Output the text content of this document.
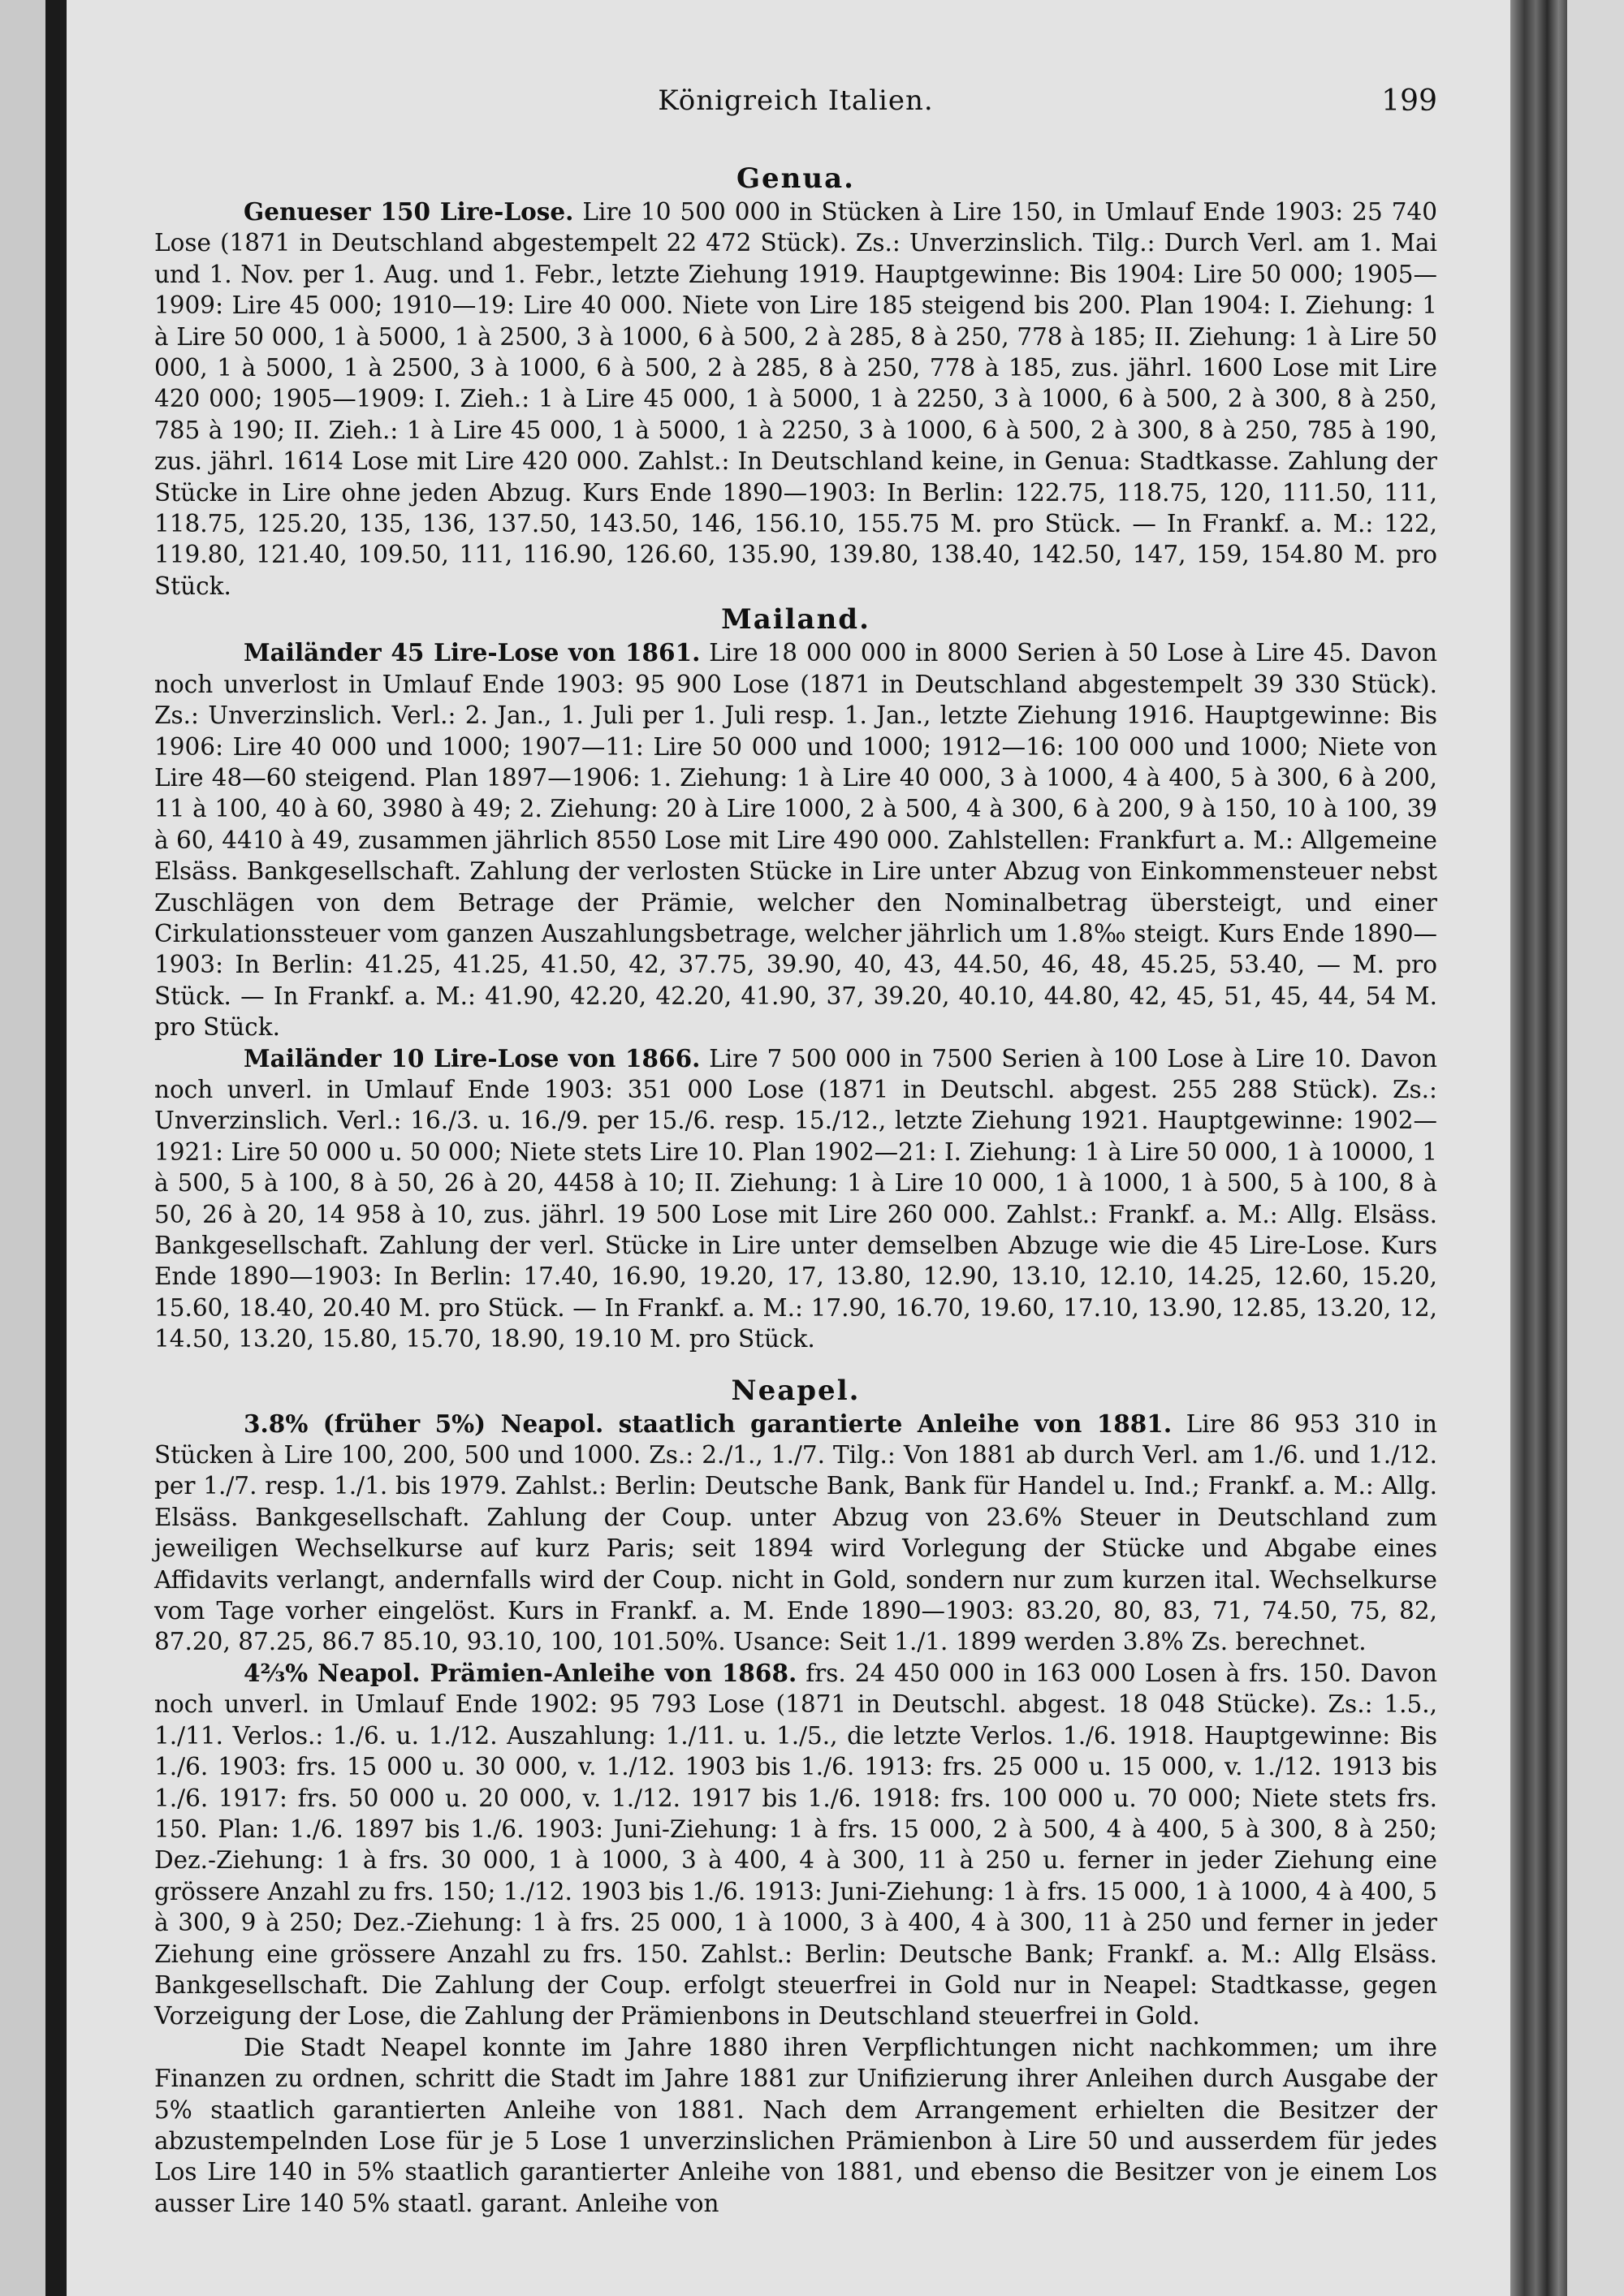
Königreich Italien.	199
Genua.

Genueser 150 Lire-Lose. Lire 10 500 000 in Stücken à Lire 150, in Umlauf Ende 1903: 25 740 Lose (1871 in Deutschland abgestempelt 22 472 Stück). Zs.: Unverzinslich. Tilg.: Durch Verl. am 1. Mai und 1. Nov. per 1. Aug. und 1. Febr., letzte Ziehung 1919. Hauptgewinne: Bis 1904: Lire 50 000; 1905—1909: Lire 45 000; 1910—19: Lire 40 000. Niete von Lire 185 steigend bis 200. Plan 1904: I. Ziehung: 1 à Lire 50 000, 1 à 5000, 1 à 2500, 3 à 1000, 6 à 500, 2 à 285, 8 à 250, 778 à 185; II. Ziehung: 1 à Lire 50 000, 1 à 5000, 1 à 2500, 3 à 1000, 6 à 500, 2 à 285, 8 à 250, 778 à 185, zus. jährl. 1600 Lose mit Lire 420 000; 1905—1909: I. Zieh.: 1 à Lire 45 000, 1 à 5000, 1 à 2250, 3 à 1000, 6 à 500, 2 à 300, 8 à 250, 785 à 190; II. Zieh.: 1 à Lire 45 000, 1 à 5000, 1 à 2250, 3 à 1000, 6 à 500, 2 à 300, 8 à 250, 785 à 190, zus. jährl. 1614 Lose mit Lire 420 000. Zahlst.: In Deutschland keine, in Genua: Stadtkasse. Zahlung der Stücke in Lire ohne jeden Abzug. Kurs Ende 1890—1903: In Berlin: 122.75, 118.75, 120, 111.50, 111, 118.75, 125.20, 135, 136, 137.50, 143.50, 146, 156.10, 155.75 M. pro Stück. — In Frankf. a. M.: 122, 119.80, 121.40, 109.50, 111, 116.90, 126.60, 135.90, 139.80, 138.40, 142.50, 147, 159, 154.80 M. pro Stück.

Mailand.

Mailänder 45 Lire-Lose von 1861. Lire 18 000 000 in 8000 Serien à 50 Lose à Lire 45. Davon noch unverlost in Umlauf Ende 1903: 95 900 Lose (1871 in Deutschland abgestempelt 39 330 Stück). Zs.: Unverzinslich. Verl.: 2. Jan., 1. Juli per 1. Juli resp. 1. Jan., letzte Ziehung 1916. Hauptgewinne: Bis 1906: Lire 40 000 und 1000; 1907—11: Lire 50 000 und 1000; 1912—16: 100 000 und 1000; Niete von Lire 48—60 steigend. Plan 1897—1906: 1. Ziehung: 1 à Lire 40 000, 3 à 1000, 4 à 400, 5 à 300, 6 à 200, 11 à 100, 40 à 60, 3980 à 49; 2. Ziehung: 20 à Lire 1000, 2 à 500, 4 à 300, 6 à 200, 9 à 150, 10 à 100, 39 à 60, 4410 à 49, zusammen jährlich 8550 Lose mit Lire 490 000. Zahlstellen: Frankfurt a. M.: Allgemeine Elsäss. Bankgesellschaft. Zahlung der verlosten Stücke in Lire unter Abzug von Einkommensteuer nebst Zuschlägen von dem Betrage der Prämie, welcher den Nominalbetrag übersteigt, und einer Cirkulationssteuer vom ganzen Auszahlungsbetrage, welcher jährlich um 1.8‰ steigt. Kurs Ende 1890—1903: In Berlin: 41.25, 41.25, 41.50, 42, 37.75, 39.90, 40, 43, 44.50, 46, 48, 45.25, 53.40, — M. pro Stück. — In Frankf. a. M.: 41.90, 42.20, 42.20, 41.90, 37, 39.20, 40.10, 44.80, 42, 45, 51, 45, 44, 54 M. pro Stück.

Mailänder 10 Lire-Lose von 1866. Lire 7 500 000 in 7500 Serien à 100 Lose à Lire 10. Davon noch unverl. in Umlauf Ende 1903: 351 000 Lose (1871 in Deutschl. abgest. 255 288 Stück). Zs.: Unverzinslich. Verl.: 16./3. u. 16./9. per 15./6. resp. 15./12., letzte Ziehung 1921. Hauptgewinne: 1902—1921: Lire 50 000 u. 50 000; Niete stets Lire 10. Plan 1902—21: I. Ziehung: 1 à Lire 50 000, 1 à 10000, 1 à 500, 5 à 100, 8 à 50, 26 à 20, 4458 à 10; II. Ziehung: 1 à Lire 10 000, 1 à 1000, 1 à 500, 5 à 100, 8 à 50, 26 à 20, 14 958 à 10, zus. jährl. 19 500 Lose mit Lire 260 000. Zahlst.: Frankf. a. M.: Allg. Elsäss. Bankgesellschaft. Zahlung der verl. Stücke in Lire unter demselben Abzuge wie die 45 Lire-Lose. Kurs Ende 1890—1903: In Berlin: 17.40, 16.90, 19.20, 17, 13.80, 12.90, 13.10, 12.10, 14.25, 12.60, 15.20, 15.60, 18.40, 20.40 M. pro Stück. — In Frankf. a. M.: 17.90, 16.70, 19.60, 17.10, 13.90, 12.85, 13.20, 12, 14.50, 13.20, 15.80, 15.70, 18.90, 19.10 M. pro Stück.

Neapel.

3.8% (früher 5%) Neapol. staatlich garantierte Anleihe von 1881. Lire 86 953 310 in Stücken à Lire 100, 200, 500 und 1000. Zs.: 2./1., 1./7. Tilg.: Von 1881 ab durch Verl. am 1./6. und 1./12. per 1./7. resp. 1./1. bis 1979. Zahlst.: Berlin: Deutsche Bank, Bank für Handel u. Ind.; Frankf. a. M.: Allg. Elsäss. Bankgesellschaft. Zahlung der Coup. unter Abzug von 23.6% Steuer in Deutschland zum jeweiligen Wechselkurse auf kurz Paris; seit 1894 wird Vorlegung der Stücke und Abgabe eines Affidavits verlangt, andernfalls wird der Coup. nicht in Gold, sondern nur zum kurzen ital. Wechselkurse vom Tage vorher eingelöst. Kurs in Frankf. a. M. Ende 1890—1903: 83.20, 80, 83, 71, 74.50, 75, 82, 87.20, 87.25, 86.7 85.10, 93.10, 100, 101.50%. Usance: Seit 1./1. 1899 werden 3.8% Zs. berechnet.

4⅔% Neapol. Prämien-Anleihe von 1868. frs. 24 450 000 in 163 000 Losen à frs. 150. Davon noch unverl. in Umlauf Ende 1902: 95 793 Lose (1871 in Deutschl. abgest. 18 048 Stücke). Zs.: 1.5., 1./11. Verlos.: 1./6. u. 1./12. Auszahlung: 1./11. u. 1./5., die letzte Verlos. 1./6. 1918. Hauptgewinne: Bis 1./6. 1903: frs. 15 000 u. 30 000, v. 1./12. 1903 bis 1./6. 1913: frs. 25 000 u. 15 000, v. 1./12. 1913 bis 1./6. 1917: frs. 50 000 u. 20 000, v. 1./12. 1917 bis 1./6. 1918: frs. 100 000 u. 70 000; Niete stets frs. 150. Plan: 1./6. 1897 bis 1./6. 1903: Juni-Ziehung: 1 à frs. 15 000, 2 à 500, 4 à 400, 5 à 300, 8 à 250; Dez.-Ziehung: 1 à frs. 30 000, 1 à 1000, 3 à 400, 4 à 300, 11 à 250 u. ferner in jeder Ziehung eine grössere Anzahl zu frs. 150; 1./12. 1903 bis 1./6. 1913: Juni-Ziehung: 1 à frs. 15 000, 1 à 1000, 4 à 400, 5 à 300, 9 à 250; Dez.-Ziehung: 1 à frs. 25 000, 1 à 1000, 3 à 400, 4 à 300, 11 à 250 und ferner in jeder Ziehung eine grössere Anzahl zu frs. 150. Zahlst.: Berlin: Deutsche Bank; Frankf. a. M.: Allg Elsäss. Bankgesellschaft. Die Zahlung der Coup. erfolgt steuerfrei in Gold nur in Neapel: Stadtkasse, gegen Vorzeigung der Lose, die Zahlung der Prämienbons in Deutschland steuerfrei in Gold.

Die Stadt Neapel konnte im Jahre 1880 ihren Verpflichtungen nicht nachkommen; um ihre Finanzen zu ordnen, schritt die Stadt im Jahre 1881 zur Unifizierung ihrer Anleihen durch Ausgabe der 5% staatlich garantierten Anleihe von 1881. Nach dem Arrangement erhielten die Besitzer der abzustempelnden Lose für je 5 Lose 1 unverzinslichen Prämienbon à Lire 50 und ausserdem für jedes Los Lire 140 in 5% staatlich garantierter Anleihe von 1881, und ebenso die Besitzer von je einem Los ausser Lire 140 5% staatl. garant. Anleihe von
